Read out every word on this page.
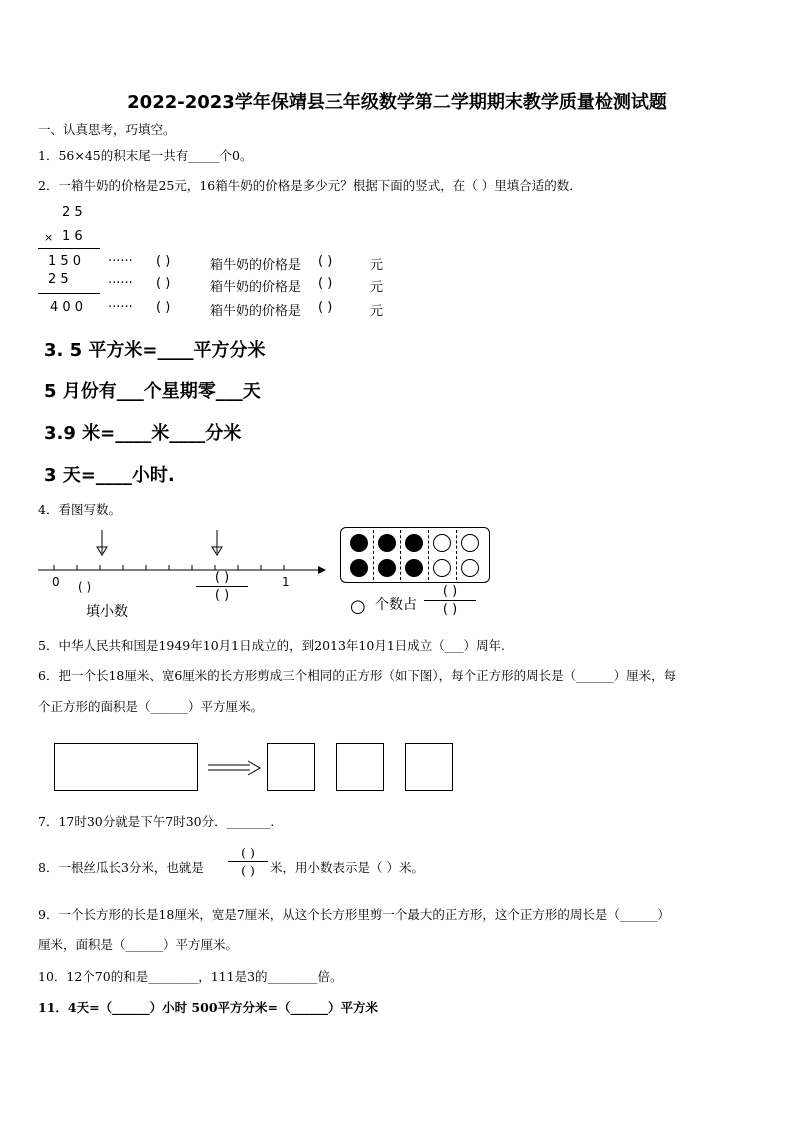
2022-2023学年保靖县三年级数学第二学期期末教学质量检测试题
一、认真思考，巧填空。
1．56×45的积末尾一共有_____个0。
2．一箱牛奶的价格是25元，16箱牛奶的价格是多少元？根据下面的竖式，在（ ）里填合适的数．
2 5
× 1 6
1 5 0
2 5
4 0 0
······ ( )	箱牛奶的价格是 ( )	元
······ ( )	箱牛奶的价格是 ( )	元
······ ( )	箱牛奶的价格是 ( )	元
3. 5 平方米=____平方分米
5 月份有___个星期零___天
3.9 米=____米____分米
3 天=____小时.
4．看图写数。
0	1
( )
( )
( )
填小数	○ 个数占
( )
( )
5．中华人民共和国是1949年10月1日成立的，到2013年10月1日成立（___）周年.
6．把一个长18厘米、宽6厘米的长方形剪成三个相同的正方形（如下图），每个正方形的周长是（______）厘米，每
个正方形的面积是（______）平方厘米。
7．17时30分就是下午7时30分．_______.
8．一根丝瓜长3分米，也就是
( )
( )	米，用小数表示是（ ）米。
9．一个长方形的长是18厘米，宽是7厘米，从这个长方形里剪一个最大的正方形，这个正方形的周长是（______）
厘米，面积是（______）平方厘米。
10．12个70的和是________，111是3的________倍。
11．4天=（______）小时 500平方分米=（______）平方米
